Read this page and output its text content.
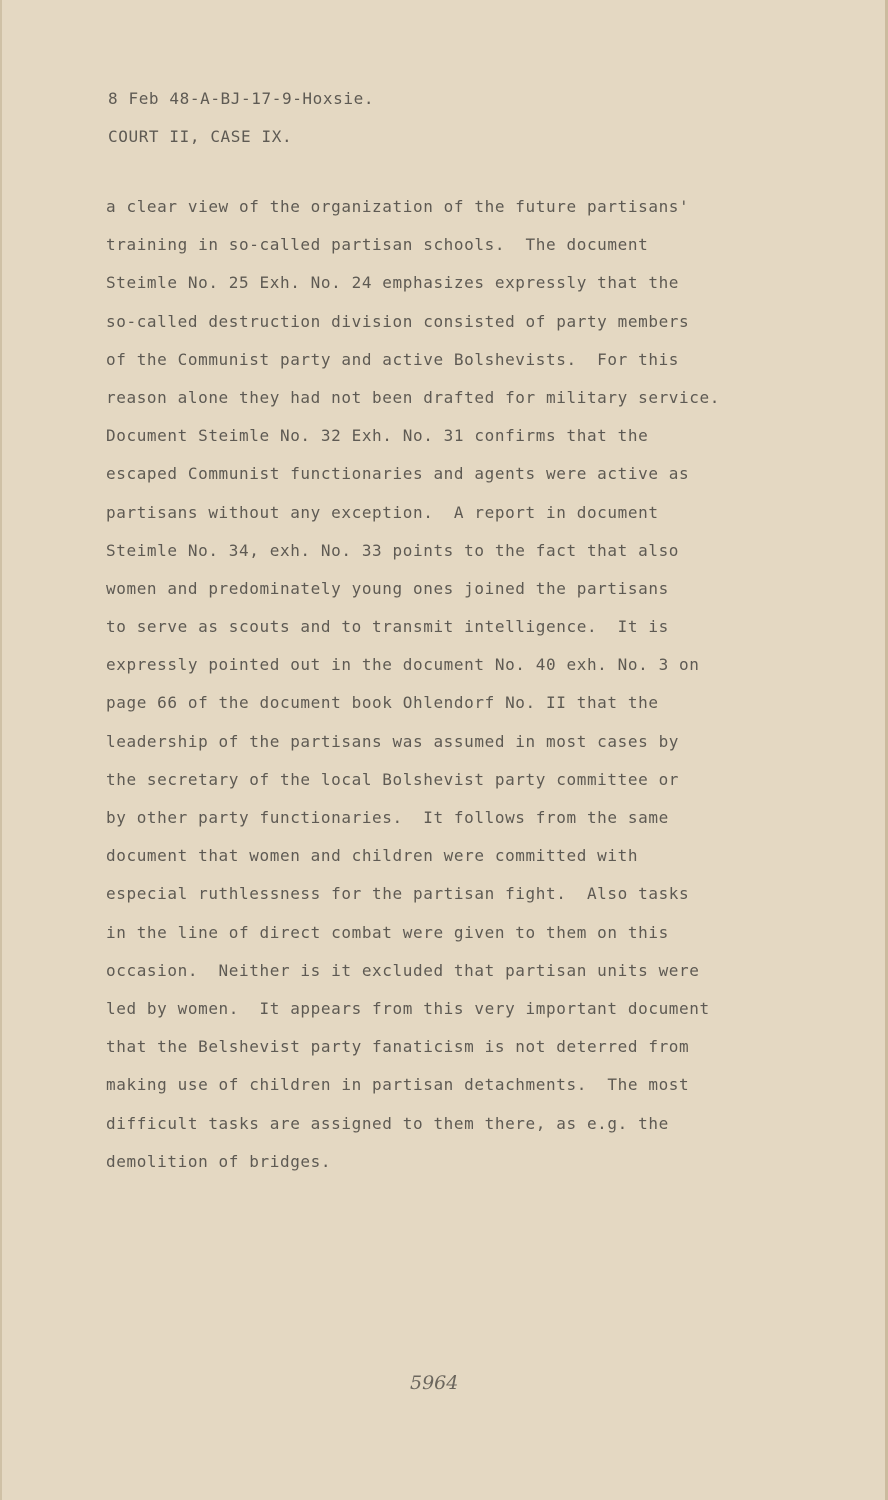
8 Feb 48-A-BJ-17-9-Hoxsie.
COURT II, CASE IX.
a clear view of the organization of the future partisans'
training in so-called partisan schools.  The document
Steimle No. 25 Exh. No. 24 emphasizes expressly that the
so-called destruction division consisted of party members
of the Communist party and active Bolshevists.  For this
reason alone they had not been drafted for military service.
Document Steimle No. 32 Exh. No. 31 confirms that the
escaped Communist functionaries and agents were active as
partisans without any exception.  A report in document
Steimle No. 34, exh. No. 33 points to the fact that also
women and predominately young ones joined the partisans
to serve as scouts and to transmit intelligence.  It is
expressly pointed out in the document No. 40 exh. No. 3 on
page 66 of the document book Ohlendorf No. II that the
leadership of the partisans was assumed in most cases by
the secretary of the local Bolshevist party committee or
by other party functionaries.  It follows from the same
document that women and children were committed with
especial ruthlessness for the partisan fight.  Also tasks
in the line of direct combat were given to them on this
occasion.  Neither is it excluded that partisan units were
led by women.  It appears from this very important document
that the Belshevist party fanaticism is not deterred from
making use of children in partisan detachments.  The most
difficult tasks are assigned to them there, as e.g. the
demolition of bridges.
5964
